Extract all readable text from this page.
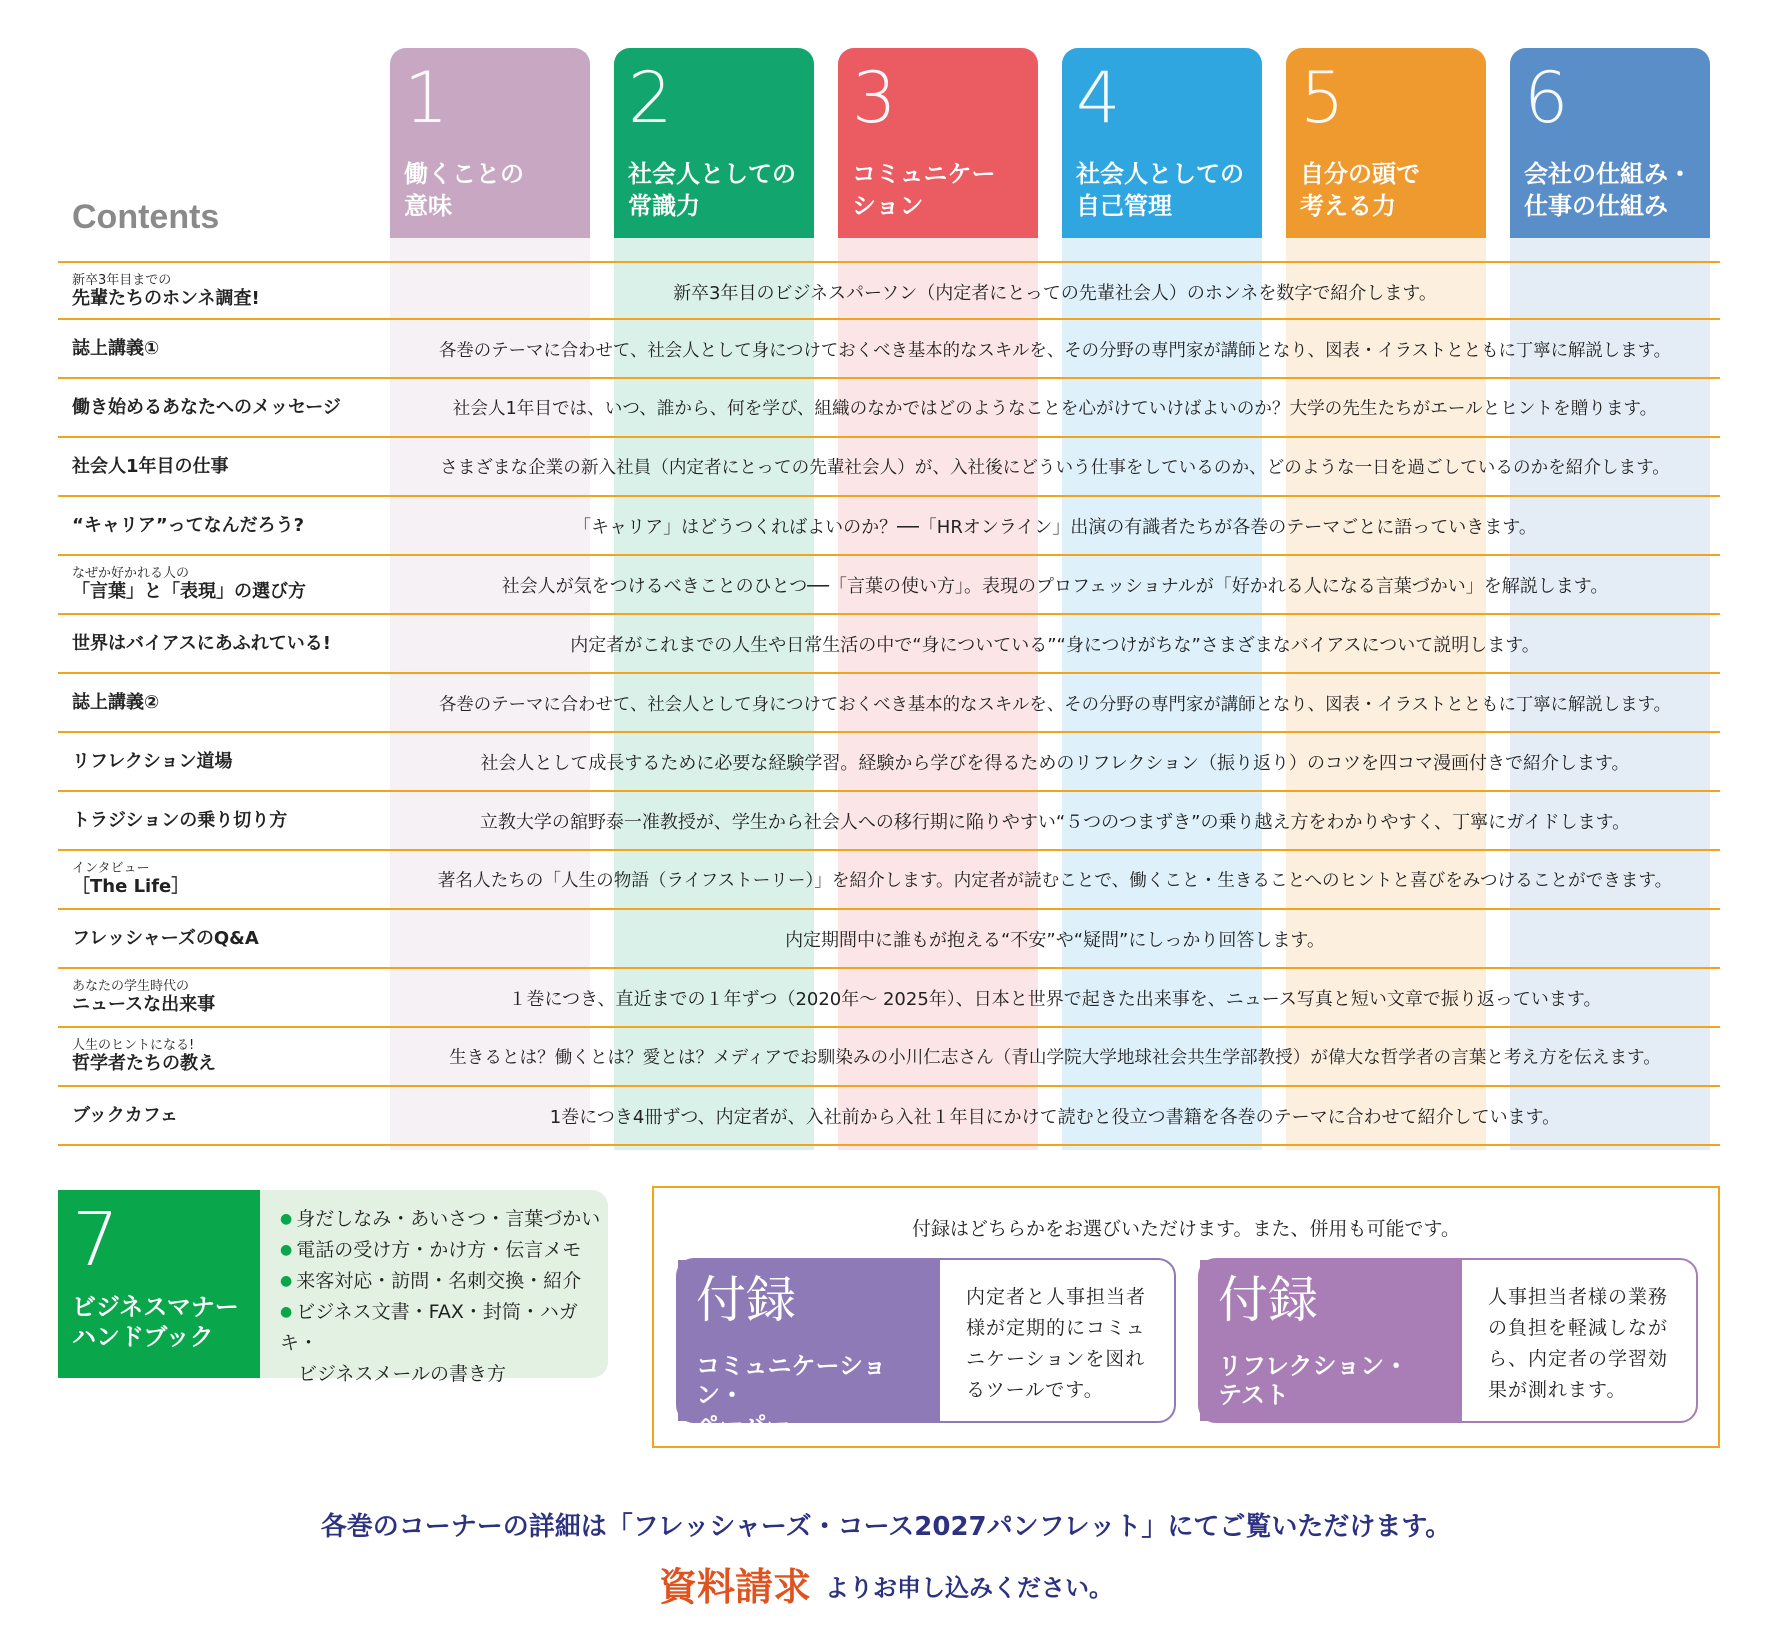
Contents
1
働くことの
意味
2
社会人としての
常識力
3
コミュニケー
ション
4
社会人としての
自己管理
5
自分の頭で
考える力
6
会社の仕組み・
仕事の仕組み
新卒3年目までの
先輩たちのホンネ調査!	新卒3年目のビジネスパーソン（内定者にとっての先輩社会人）のホンネを数字で紹介します。
誌上講義①	各巻のテーマに合わせて、社会人として身につけておくべき基本的なスキルを、その分野の専門家が講師となり、図表・イラストとともに丁寧に解説します。
働き始めるあなたへのメッセージ	社会人1年目では、いつ、誰から、何を学び、組織のなかではどのようなことを心がけていけばよいのか？大学の先生たちがエールとヒントを贈ります。
社会人1年目の仕事	さまざまな企業の新入社員（内定者にとっての先輩社会人）が、入社後にどういう仕事をしているのか、どのような一日を過ごしているのかを紹介します。
“キャリア”ってなんだろう?	「キャリア」はどうつくればよいのか？──「HRオンライン」出演の有識者たちが各巻のテーマごとに語っていきます。
なぜか好かれる人の
「言葉」と「表現」の選び方	社会人が気をつけるべきことのひとつ──「言葉の使い方」。表現のプロフェッショナルが「好かれる人になる言葉づかい」を解説します。
世界はバイアスにあふれている!	内定者がこれまでの人生や日常生活の中で“身についている”“身につけがちな”さまざまなバイアスについて説明します。
誌上講義②	各巻のテーマに合わせて、社会人として身につけておくべき基本的なスキルを、その分野の専門家が講師となり、図表・イラストとともに丁寧に解説します。
リフレクション道場	社会人として成長するために必要な経験学習。経験から学びを得るためのリフレクション（振り返り）のコツを四コマ漫画付きで紹介します。
トラジションの乗り切り方	立教大学の舘野泰一准教授が、学生から社会人への移行期に陥りやすい“５つのつまずき”の乗り越え方をわかりやすく、丁寧にガイドします。
インタビュー
［The Life］	著名人たちの「人生の物語（ライフストーリー）」を紹介します。内定者が読むことで、働くこと・生きることへのヒントと喜びをみつけることができます。
フレッシャーズのQ&A	内定期間中に誰もが抱える“不安”や“疑問”にしっかり回答します。
あなたの学生時代の
ニュースな出来事	１巻につき、直近までの１年ずつ（2020年～ 2025年）、日本と世界で起きた出来事を、ニュース写真と短い文章で振り返っています。
人生のヒントになる!
哲学者たちの教え	生きるとは？働くとは？愛とは？メディアでお馴染みの小川仁志さん（青山学院大学地球社会共生学部教授）が偉大な哲学者の言葉と考え方を伝えます。
ブックカフェ	1巻につき4冊ずつ、内定者が、入社前から入社１年目にかけて読むと役立つ書籍を各巻のテーマに合わせて紹介しています。
7
ビジネスマナー
ハンドブック
● 身だしなみ・あいさつ・言葉づかい
● 電話の受け方・かけ方・伝言メモ
● 来客対応・訪問・名刺交換・紹介
● ビジネス文書・FAX・封筒・ハガキ・
ビジネスメールの書き方
付録はどちらかをお選びいただけます。また、併用も可能です。
付録
コミュニケーション・
ペーパー
内定者と人事担当者様が定期的にコミュニケーションを図れるツールです。
付録
リフレクション・
テスト
人事担当者様の業務の負担を軽減しながら、内定者の学習効果が測れます。
各巻のコーナーの詳細は「フレッシャーズ・コース2027パンフレット」にてご覧いただけます。
資料請求 よりお申し込みください。
